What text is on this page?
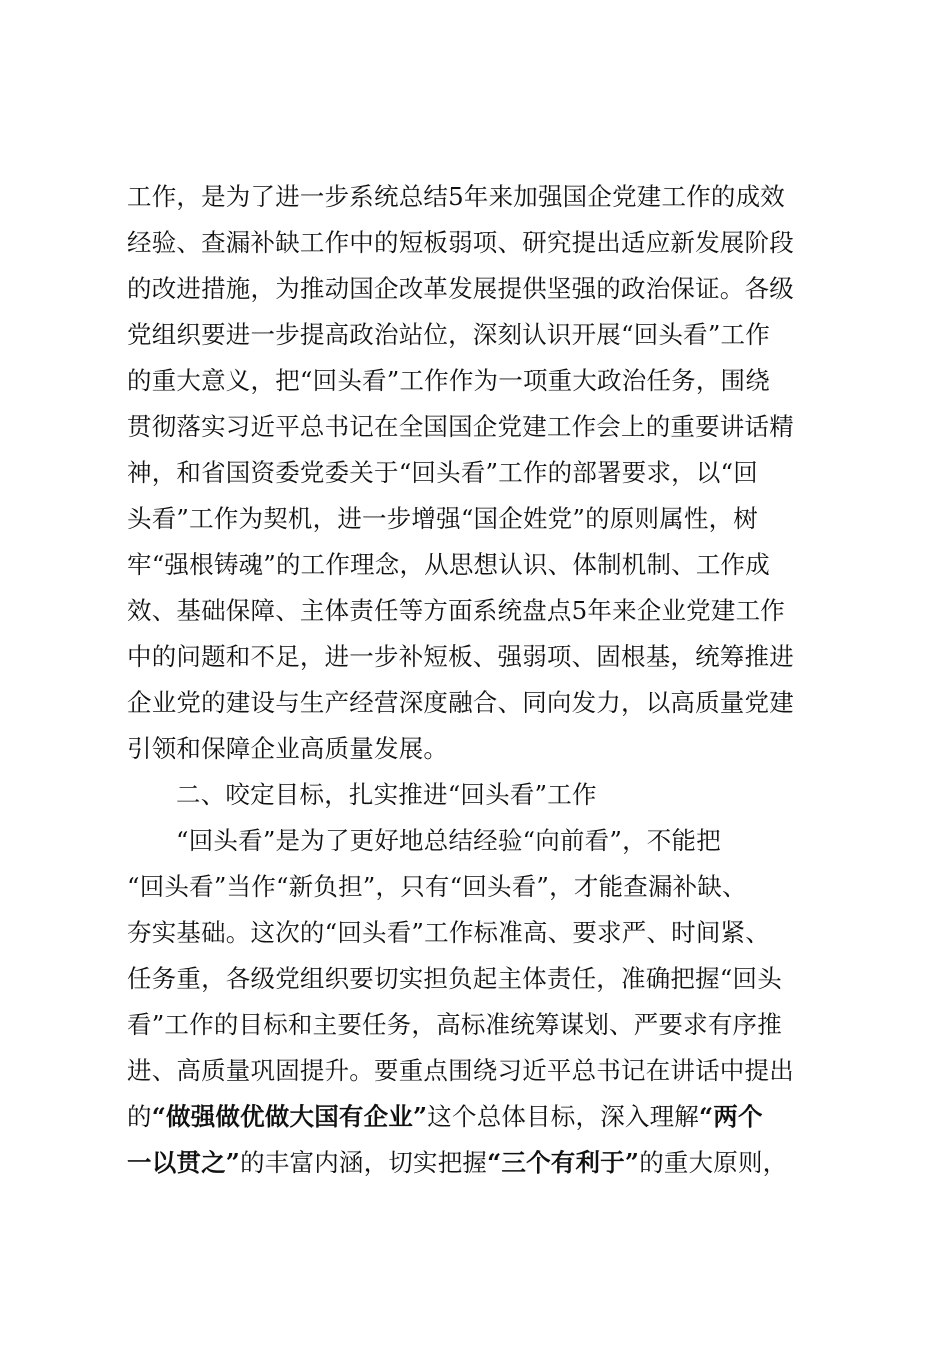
工作，是为了进一步系统总结5年来加强国企党建工作的成效
经验、查漏补缺工作中的短板弱项、研究提出适应新发展阶段
的改进措施，为推动国企改革发展提供坚强的政治保证。各级
党组织要进一步提高政治站位，深刻认识开展“回头看”工作
的重大意义，把“回头看”工作作为一项重大政治任务，围绕
贯彻落实习近平总书记在全国国企党建工作会上的重要讲话精
神，和省国资委党委关于“回头看”工作的部署要求，以“回
头看”工作为契机，进一步增强“国企姓党”的原则属性，树
牢“强根铸魂”的工作理念，从思想认识、体制机制、工作成
效、基础保障、主体责任等方面系统盘点5年来企业党建工作
中的问题和不足，进一步补短板、强弱项、固根基，统筹推进
企业党的建设与生产经营深度融合、同向发力，以高质量党建
引领和保障企业高质量发展。
二、咬定目标，扎实推进“回头看”工作
“回头看”是为了更好地总结经验“向前看”，不能把
“回头看”当作“新负担”，只有“回头看”，才能查漏补缺、
夯实基础。这次的“回头看”工作标准高、要求严、时间紧、
任务重，各级党组织要切实担负起主体责任，准确把握“回头
看”工作的目标和主要任务，高标准统筹谋划、严要求有序推
进、高质量巩固提升。要重点围绕习近平总书记在讲话中提出
的“做强做优做大国有企业”这个总体目标，深入理解“两个
一以贯之”的丰富内涵，切实把握“三个有利于”的重大原则，
